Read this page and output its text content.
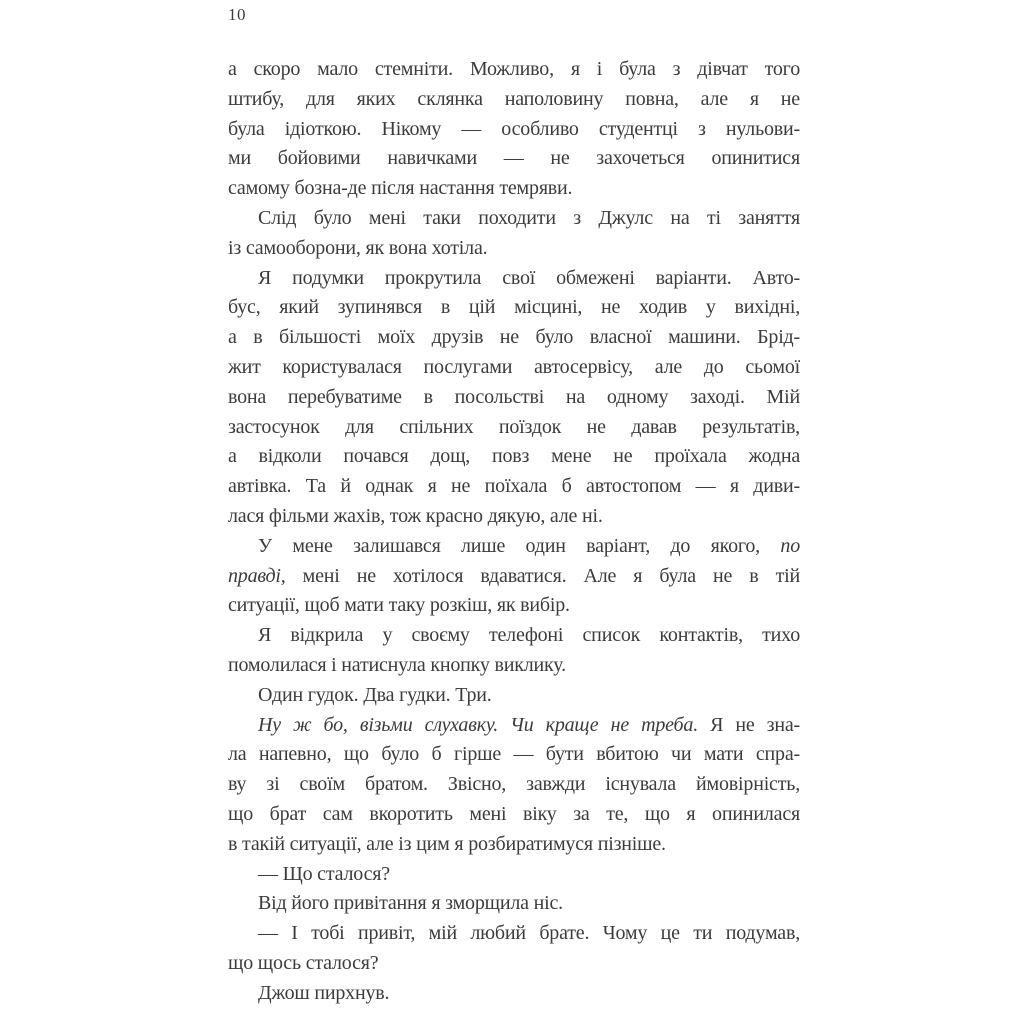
10
а скоро мало стемніти. Можливо, я і була з дівчат того
штибу, для яких склянка наполовину повна, але я не
була ідіоткою. Нікому — особливо студентці з нульови-
ми бойовими навичками — не захочеться опинитися
самому бозна-де після настання темряви.
Слід було мені таки походити з Джулс на ті заняття
із самооборони, як вона хотіла.
Я подумки прокрутила свої обмежені варіанти. Авто-
бус, який зупинявся в цій місцині, не ходив у вихідні,
а в більшості моїх друзів не було власної машини. Брід-
жит користувалася послугами автосервісу, але до сьомої
вона перебуватиме в посольстві на одному заході. Мій
застосунок для спільних поїздок не давав результатів,
а відколи почався дощ, повз мене не проїхала жодна
автівка. Та й однак я не поїхала б автостопом — я диви-
лася фільми жахів, тож красно дякую, але ні.
У мене залишався лише один варіант, до якого, по
правді, мені не хотілося вдаватися. Але я була не в тій
ситуації, щоб мати таку розкіш, як вибір.
Я відкрила у своєму телефоні список контактів, тихо
помолилася і натиснула кнопку виклику.
Один гудок. Два гудки. Три.
Ну ж бо, візьми слухавку. Чи краще не треба. Я не зна-
ла напевно, що було б гірше — бути вбитою чи мати спра-
ву зі своїм братом. Звісно, завжди існувала ймовірність,
що брат сам вкоротить мені віку за те, що я опинилася
в такій ситуації, але із цим я розбиратимуся пізніше.
— Що сталося?
Від його привітання я зморщила ніс.
— І тобі привіт, мій любий брате. Чому це ти подумав,
що щось сталося?
Джош пирхнув.
